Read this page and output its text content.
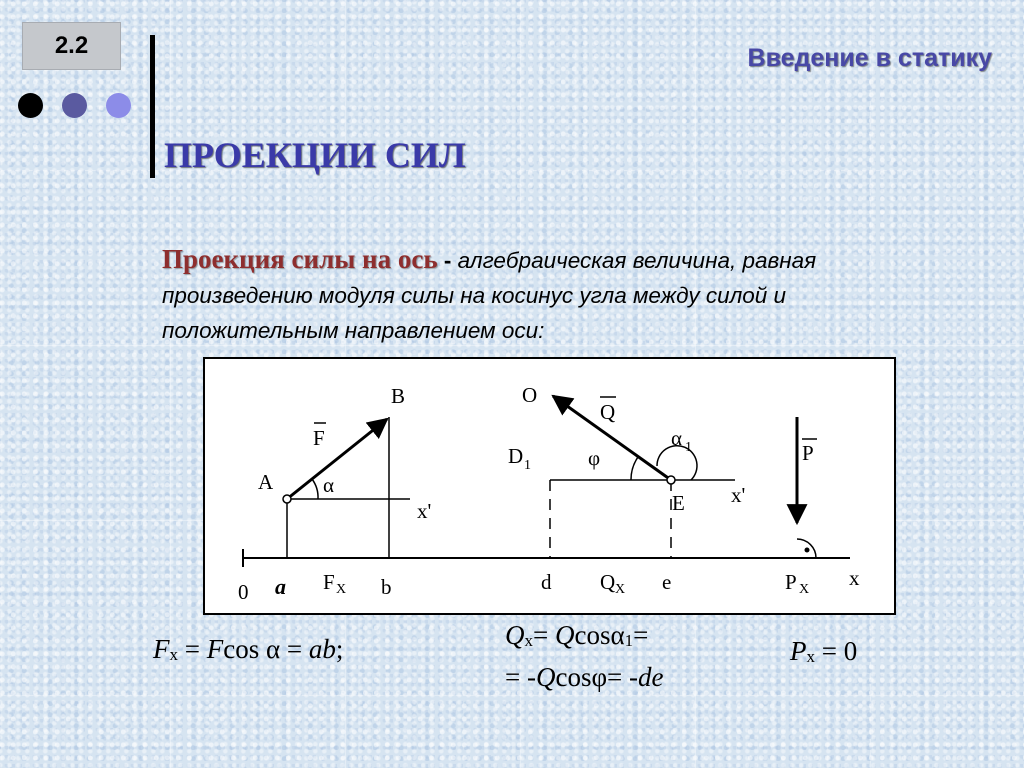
2.2	Введение в статику
ПРОЕКЦИИ СИЛ
Проекция силы на ось - алгебраическая величина, равная произведению модуля силы на косинус угла между силой и положительным направлением оси:
B
F
A α
x'
O
Q
α 1
D 1	φ
E x'
P
0 a F X b	d Q X e	P X x
$F_x = Fcos$ α = ab;	$Q_x= Qcos\alpha_1=$
= -Qcosφ= -de
$P_x = 0$
